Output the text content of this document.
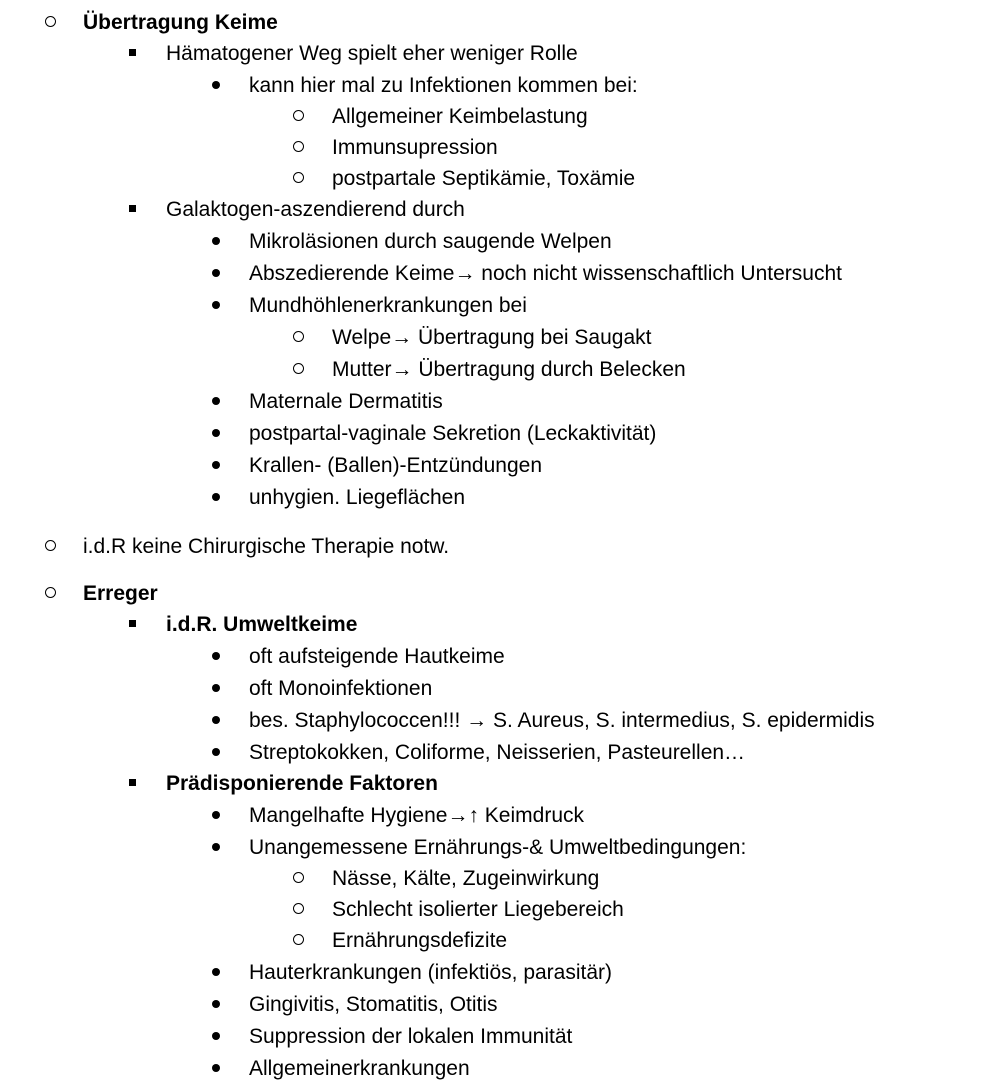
Übertragung Keime
Hämatogener Weg spielt eher weniger Rolle
kann hier mal zu Infektionen kommen bei:
Allgemeiner Keimbelastung
Immunsupression
postpartale Septikämie, Toxämie
Galaktogen-aszendierend durch
Mikroläsionen durch saugende Welpen
Abszedierende Keime→ noch nicht wissenschaftlich Untersucht
Mundhöhlenerkrankungen bei
Welpe→ Übertragung bei Saugakt
Mutter→ Übertragung durch Belecken
Maternale Dermatitis
postpartal-vaginale Sekretion (Leckaktivität)
Krallen- (Ballen)-Entzündungen
unhygien. Liegeflächen
i.d.R keine Chirurgische Therapie notw.
Erreger
i.d.R. Umweltkeime
oft aufsteigende Hautkeime
oft Monoinfektionen
bes. Staphylococcen!!! → S. Aureus, S. intermedius, S. epidermidis
Streptokokken, Coliforme, Neisserien, Pasteurellen…
Prädisponierende Faktoren
Mangelhafte Hygiene→↑ Keimdruck
Unangemessene Ernährungs-& Umweltbedingungen:
Nässe, Kälte, Zugeinwirkung
Schlecht isolierter Liegebereich
Ernährungsdefizite
Hauterkrankungen (infektiös, parasitär)
Gingivitis, Stomatitis, Otitis
Suppression der lokalen Immunität
Allgemeinerkrankungen
